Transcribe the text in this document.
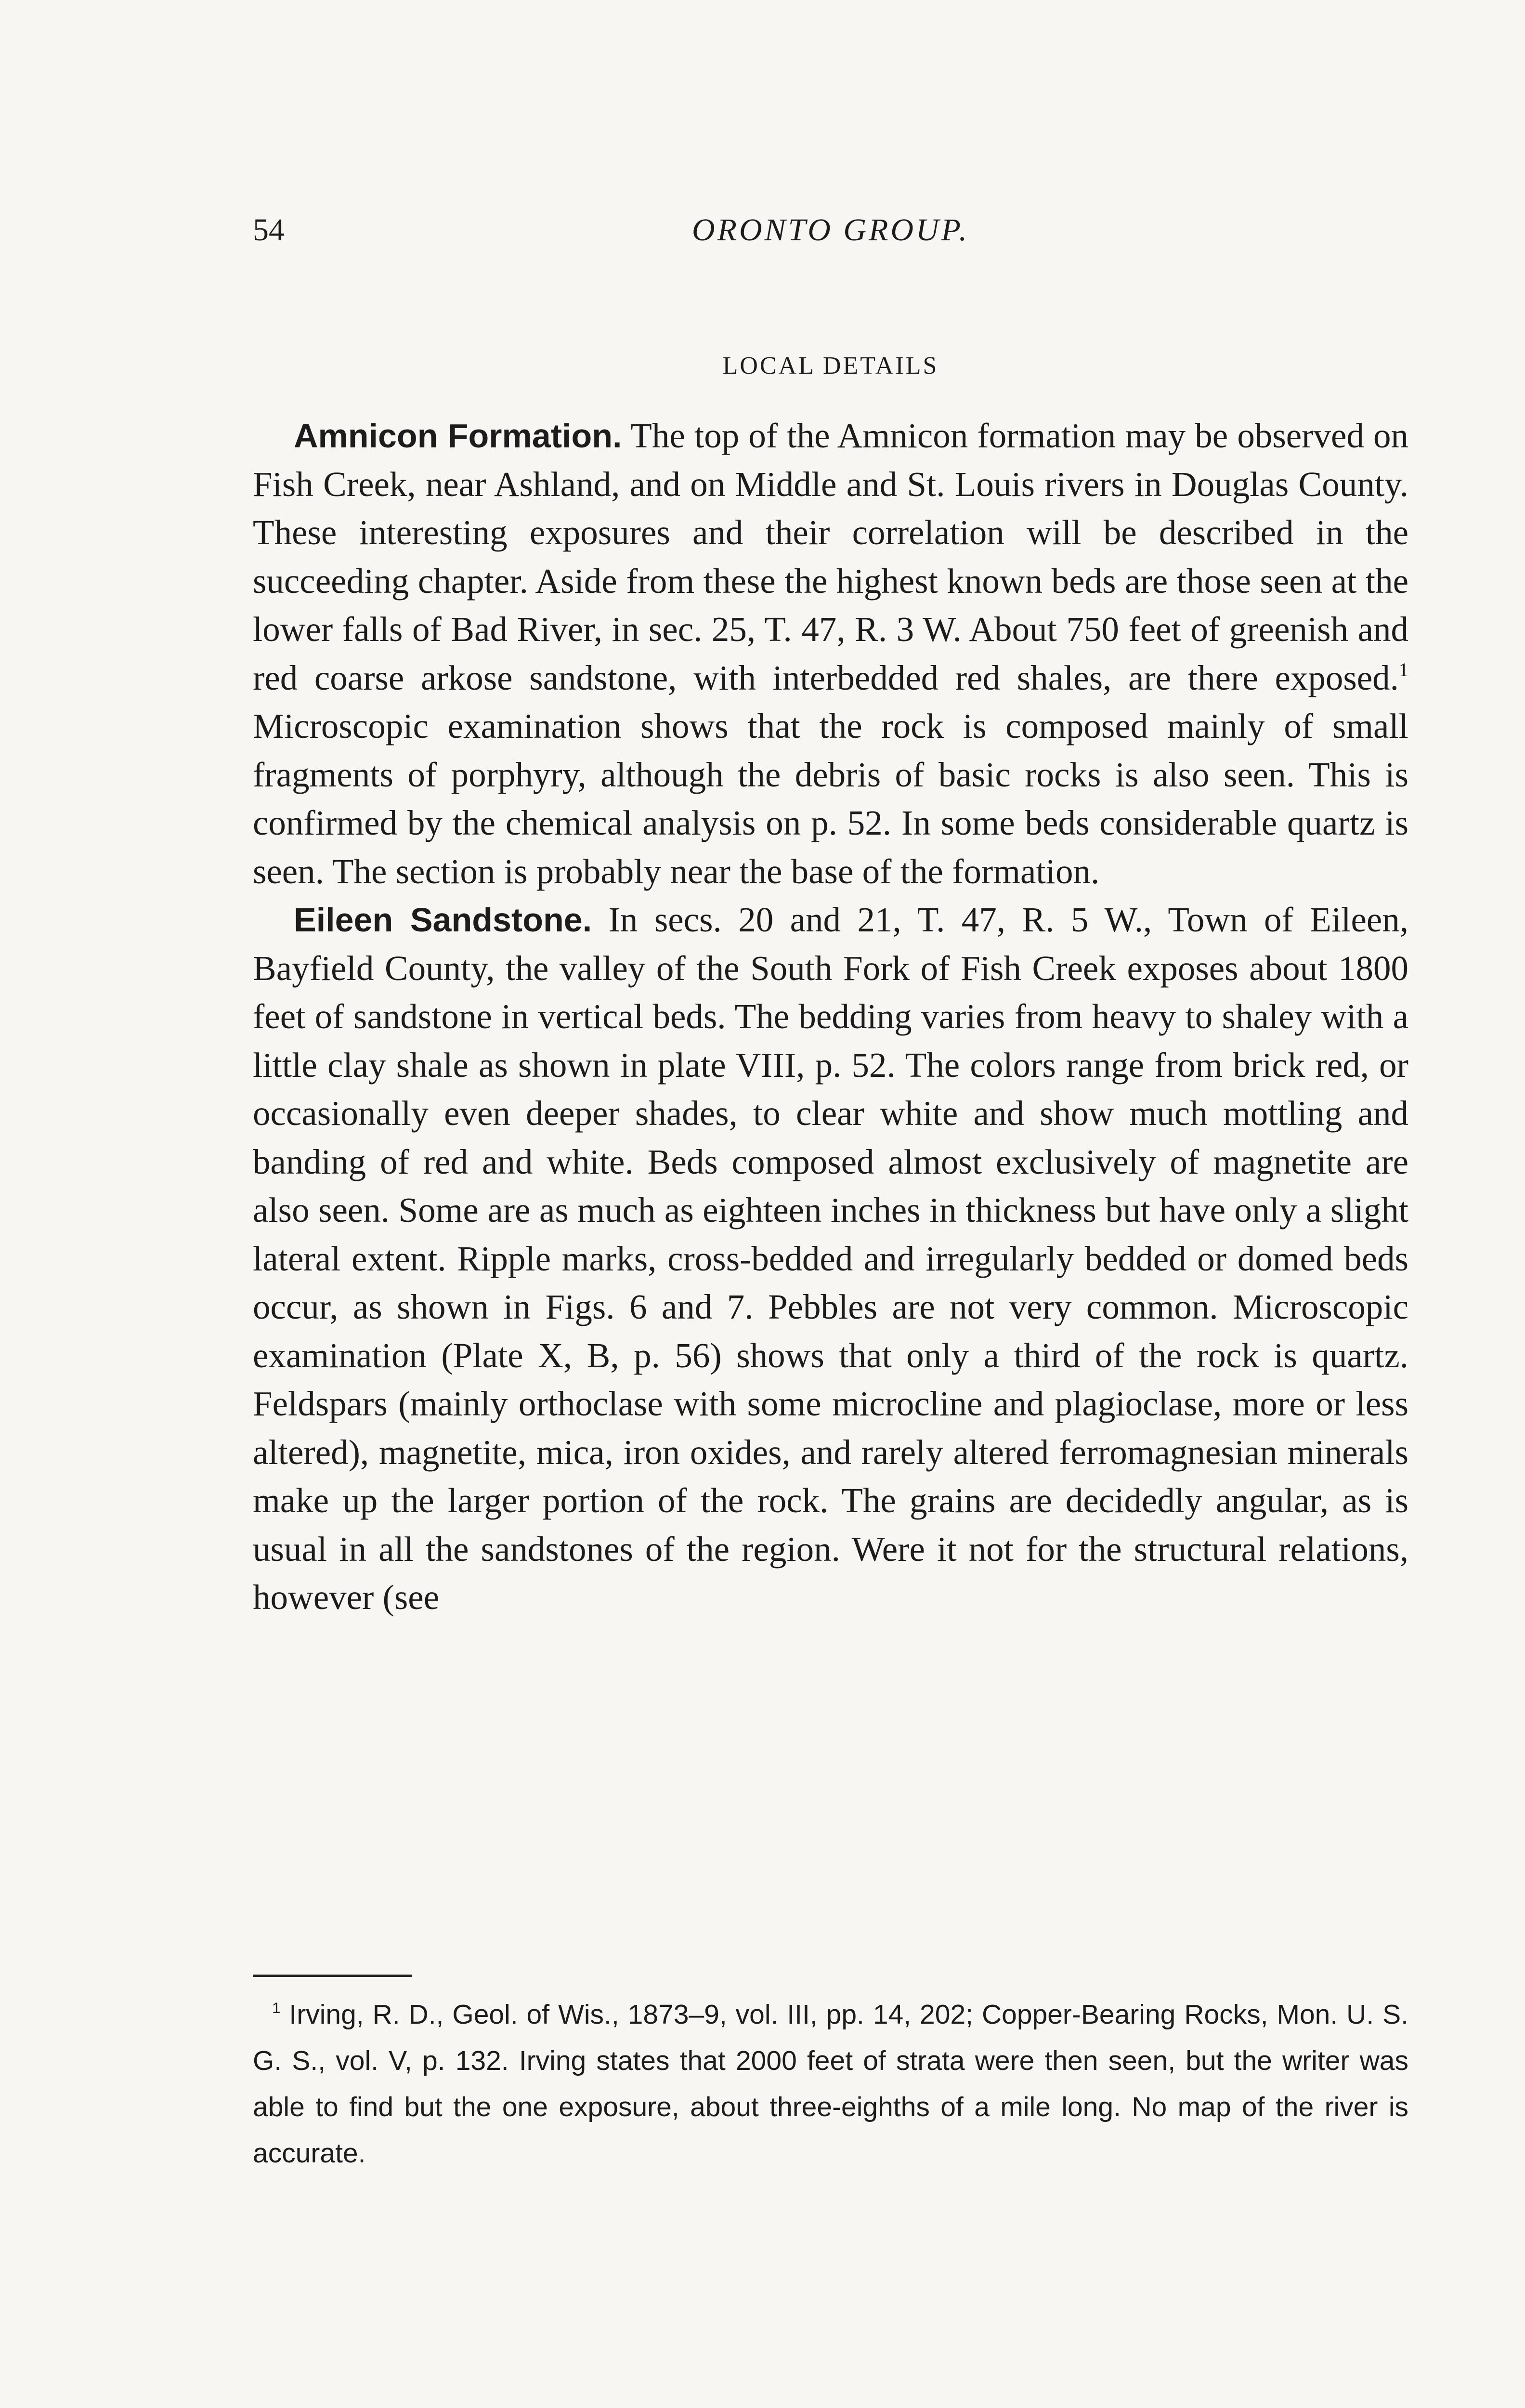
54	ORONTO GROUP.
LOCAL DETAILS

Amnicon Formation. The top of the Amnicon formation may be observed on Fish Creek, near Ashland, and on Middle and St. Louis rivers in Douglas County. These interesting exposures and their correlation will be described in the succeeding chapter. Aside from these the highest known beds are those seen at the lower falls of Bad River, in sec. 25, T. 47, R. 3 W. About 750 feet of greenish and red coarse arkose sandstone, with interbedded red shales, are there exposed.$^1$ Microscopic examination shows that the rock is composed mainly of small fragments of porphyry, although the debris of basic rocks is also seen. This is confirmed by the chemical analysis on p. 52. In some beds considerable quartz is seen. The section is probably near the base of the formation.

Eileen Sandstone. In secs. 20 and 21, T. 47, R. 5 W., Town of Eileen, Bayfield County, the valley of the South Fork of Fish Creek exposes about 1800 feet of sandstone in vertical beds. The bedding varies from heavy to shaley with a little clay shale as shown in plate VIII, p. 52. The colors range from brick red, or occasionally even deeper shades, to clear white and show much mottling and banding of red and white. Beds composed almost exclusively of magnetite are also seen. Some are as much as eighteen inches in thickness but have only a slight lateral extent. Ripple marks, cross-bedded and irregularly bedded or domed beds occur, as shown in Figs. 6 and 7. Pebbles are not very common. Microscopic examination (Plate X, B, p. 56) shows that only a third of the rock is quartz. Feldspars (mainly orthoclase with some microcline and plagioclase, more or less altered), magnetite, mica, iron oxides, and rarely altered ferromagnesian minerals make up the larger portion of the rock. The grains are decidedly angular, as is usual in all the sandstones of the region. Were it not for the structural relations, however (see

$^1$ Irving, R. D., Geol. of Wis., 1873–9, vol. III, pp. 14, 202; Copper-Bearing Rocks, Mon. U. S. G. S., vol. V, p. 132. Irving states that 2000 feet of strata were then seen, but the writer was able to find but the one exposure, about three-eighths of a mile long. No map of the river is accurate.
